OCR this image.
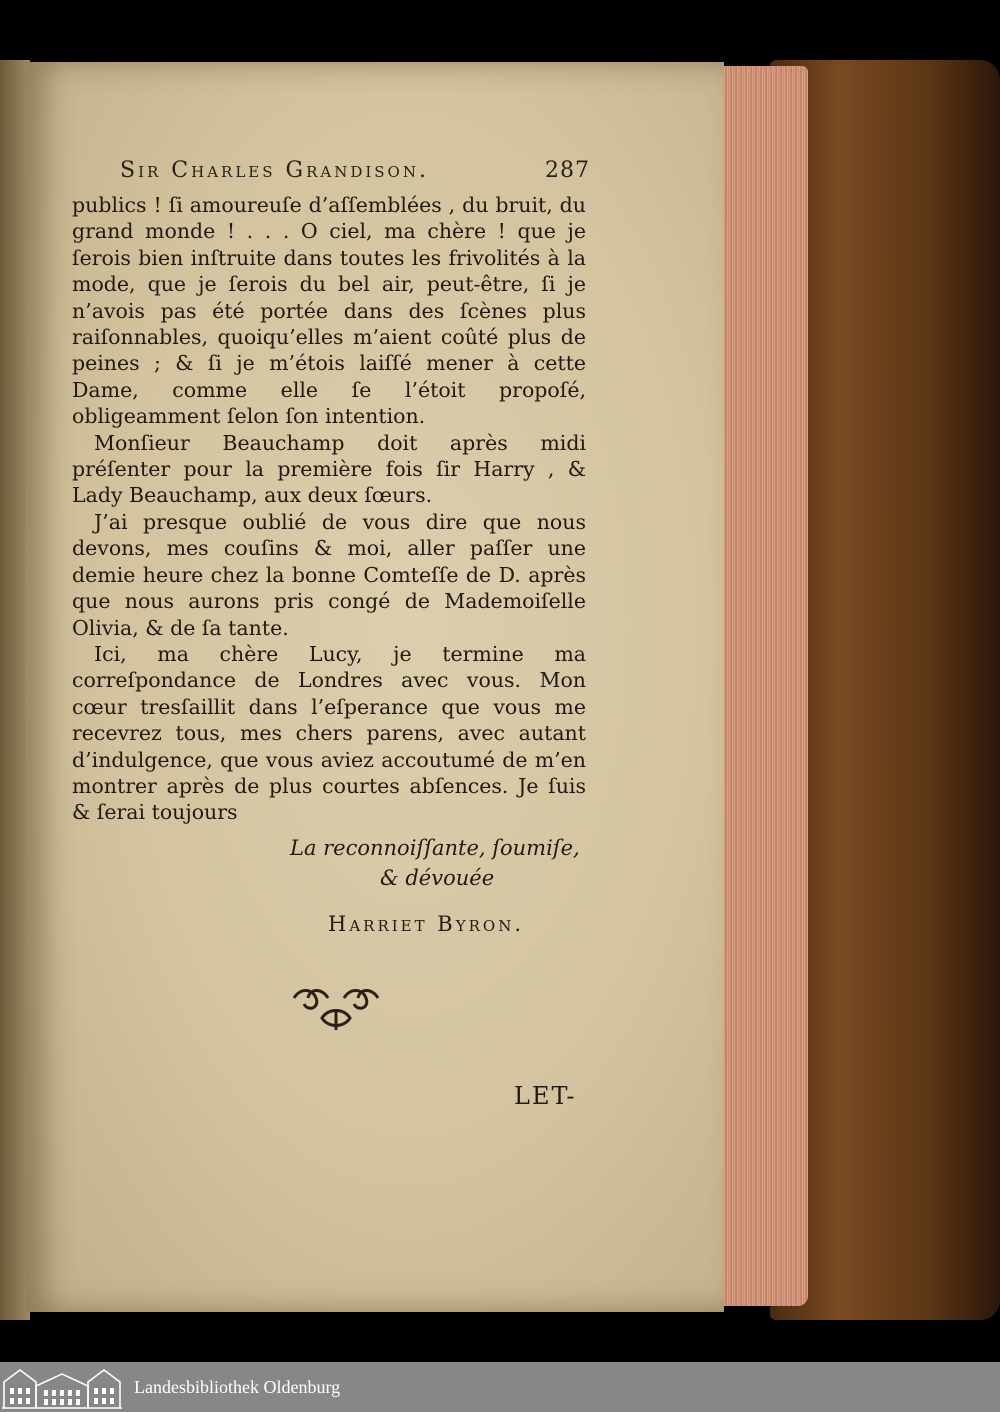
Sir Charles Grandison.	287

publics ! ſi amoureuſe d’aſſemblées , du bruit, du grand monde ! . . . O ciel, ma chère ! que je ſerois bien inſtruite dans toutes les frivolités à la mode, que je ſerois du bel air, peut-être, ſi je n’avois pas été portée dans des ſcènes plus raiſonnables, quoiqu’elles m’aient coûté plus de peines ; & ſi je m’étois laiſſé mener à cette Dame, comme elle ſe l’étoit propoſé, obligeamment ſelon ſon intention.

Monſieur Beauchamp doit après midi préſenter pour la première fois ſir Harry , & Lady Beauchamp, aux deux ſœurs.

J’ai presque oublié de vous dire que nous devons, mes couſins & moi, aller paſſer une demie heure chez la bonne Comteſſe de D. après que nous aurons pris congé de Mademoiſelle Olivia, & de ſa tante.

Ici, ma chère Lucy, je termine ma correſpondance de Londres avec vous. Mon cœur tresſaillit dans l’eſperance que vous me recevrez tous, mes chers parens, avec autant d’indulgence, que vous aviez accoutumé de m’en montrer après de plus courtes abſences. Je ſuis & ſerai toujours

La reconnoiſſante, ſoumiſe,
& dévouée
Harriet Byron.
LET-
Landesbibliothek Oldenburg
